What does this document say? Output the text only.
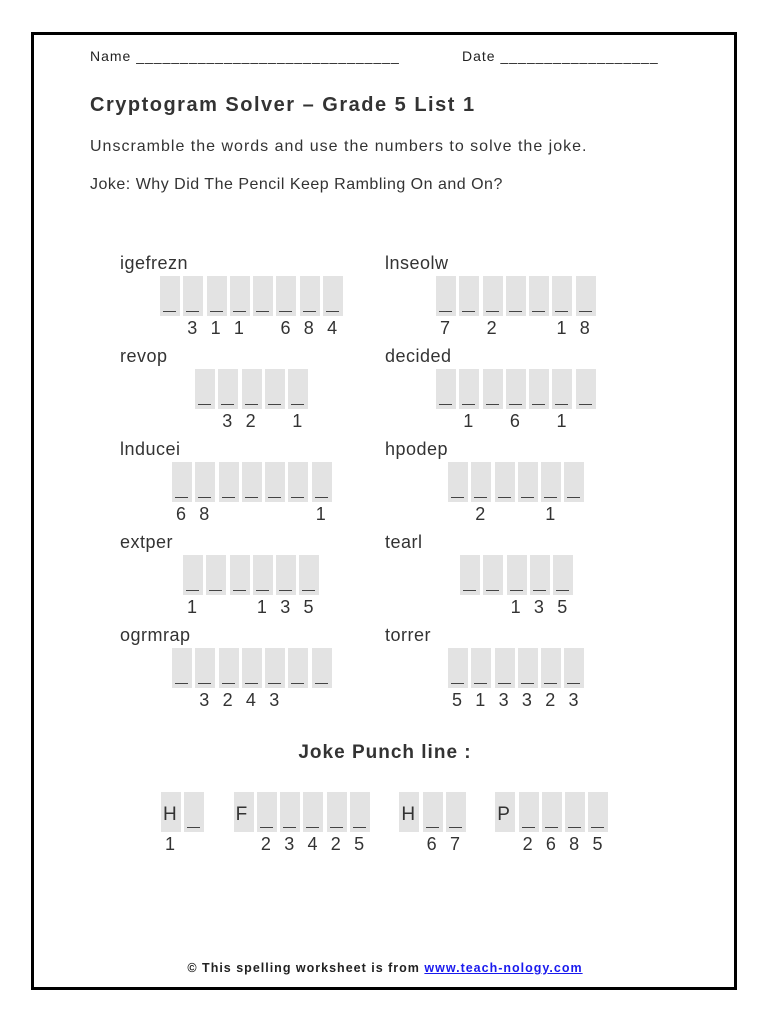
Name ______________________________	Date __________________
Cryptogram Solver – Grade 5 List 1
Unscramble the words and use the numbers to solve the joke.
Joke: Why Did The Pencil Keep Rambling On and On?
igefrezn
3 1 1 6 8 4
lnseolw
7 2	1 8
revop
3 2 1
decided
1 6 1
lnducei
6 8	1
hpodep
2	1
extper
1	1 3 5
tearl
1 3 5
ogrmrap
3 2 4 3
torrer
5 1 3 3 2 3
Joke Punch line :
H
1
F
2 3 4 2 5
H
6 7
P
2 6 8 5
© This spelling worksheet is from www.teach-nology.com
